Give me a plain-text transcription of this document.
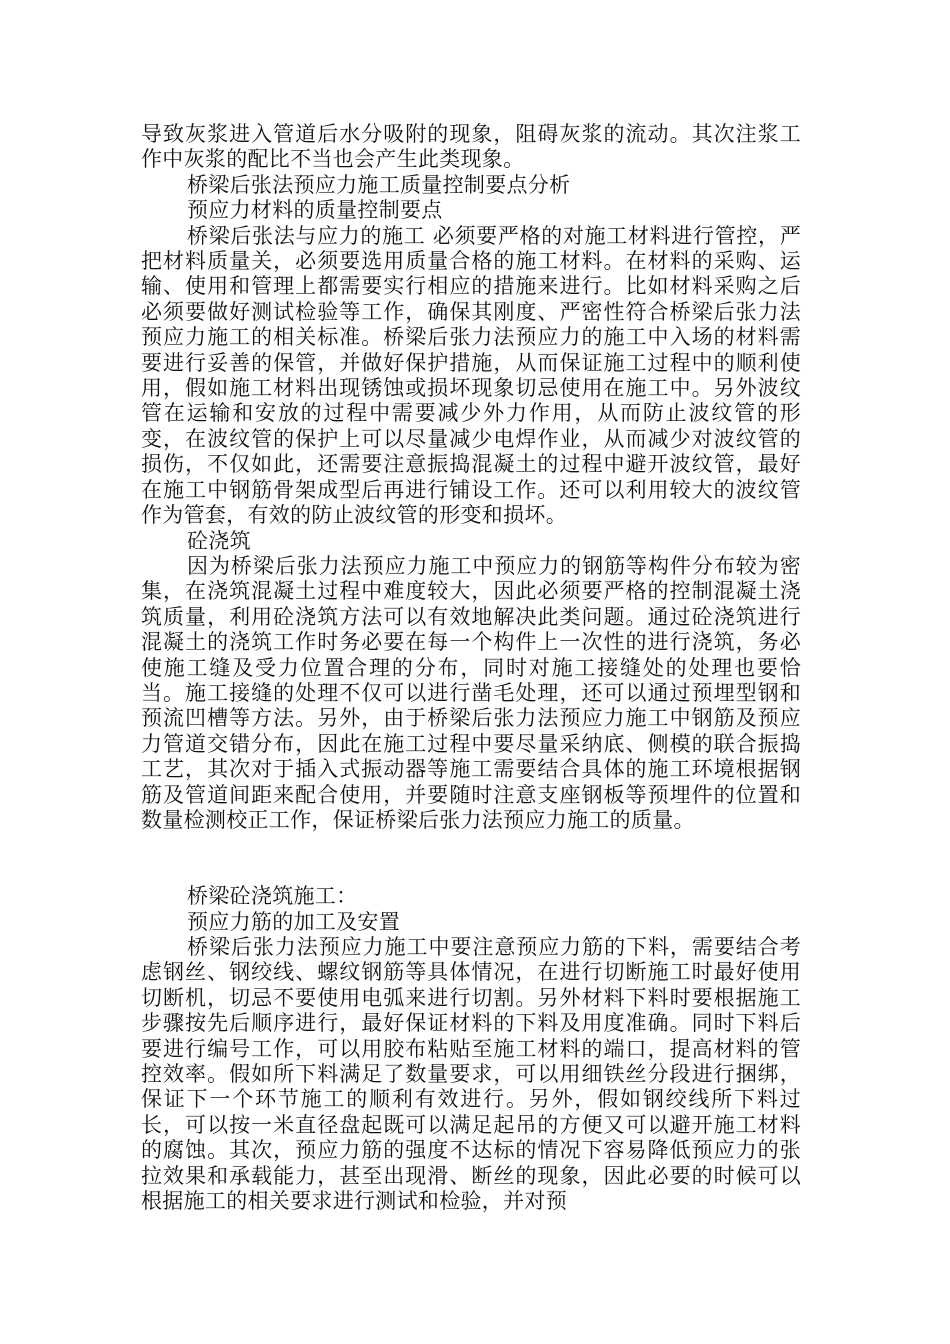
导致灰浆进入管道后水分吸附的现象，阻碍灰浆的流动。其次注浆工作中灰浆的配比不当也会产生此类现象。

桥梁后张法预应力施工质量控制要点分析

预应力材料的质量控制要点

桥梁后张法与应力的施工 必须要严格的对施工材料进行管控，严把材料质量关，必须要选用质量合格的施工材料。在材料的采购、运输、使用和管理上都需要实行相应的措施来进行。比如材料采购之后必须要做好测试检验等工作，确保其刚度、严密性符合桥梁后张力法预应力施工的相关标准。桥梁后张力法预应力的施工中入场的材料需要进行妥善的保管，并做好保护措施，从而保证施工过程中的顺利使用，假如施工材料出现锈蚀或损坏现象切忌使用在施工中。另外波纹管在运输和安放的过程中需要减少外力作用，从而防止波纹管的形变，在波纹管的保护上可以尽量减少电焊作业，从而减少对波纹管的损伤，不仅如此，还需要注意振捣混凝土的过程中避开波纹管，最好在施工中钢筋骨架成型后再进行铺设工作。还可以利用较大的波纹管作为管套，有效的防止波纹管的形变和损坏。

砼浇筑

因为桥梁后张力法预应力施工中预应力的钢筋等构件分布较为密集，在浇筑混凝土过程中难度较大，因此必须要严格的控制混凝土浇筑质量，利用砼浇筑方法可以有效地解决此类问题。通过砼浇筑进行混凝土的浇筑工作时务必要在每一个构件上一次性的进行浇筑，务必使施工缝及受力位置合理的分布，同时对施工接缝处的处理也要恰当。施工接缝的处理不仅可以进行凿毛处理，还可以通过预埋型钢和预流凹槽等方法。另外，由于桥梁后张力法预应力施工中钢筋及预应力管道交错分布，因此在施工过程中要尽量采纳底、侧模的联合振捣工艺，其次对于插入式振动器等施工需要结合具体的施工环境根据钢筋及管道间距来配合使用，并要随时注意支座钢板等预埋件的位置和数量检测校正工作，保证桥梁后张力法预应力施工的质量。

桥梁砼浇筑施工：

预应力筋的加工及安置

桥梁后张力法预应力施工中要注意预应力筋的下料，需要结合考虑钢丝、钢绞线、螺纹钢筋等具体情况，在进行切断施工时最好使用切断机，切忌不要使用电弧来进行切割。另外材料下料时要根据施工步骤按先后顺序进行，最好保证材料的下料及用度准确。同时下料后要进行编号工作，可以用胶布粘贴至施工材料的端口，提高材料的管控效率。假如所下料满足了数量要求，可以用细铁丝分段进行捆绑，保证下一个环节施工的顺利有效进行。另外，假如钢绞线所下料过长，可以按一米直径盘起既可以满足起吊的方便又可以避开施工材料的腐蚀。其次，预应力筋的强度不达标的情况下容易降低预应力的张拉效果和承载能力，甚至出现滑、断丝的现象，因此必要的时候可以根据施工的相关要求进行测试和检验，并对预
